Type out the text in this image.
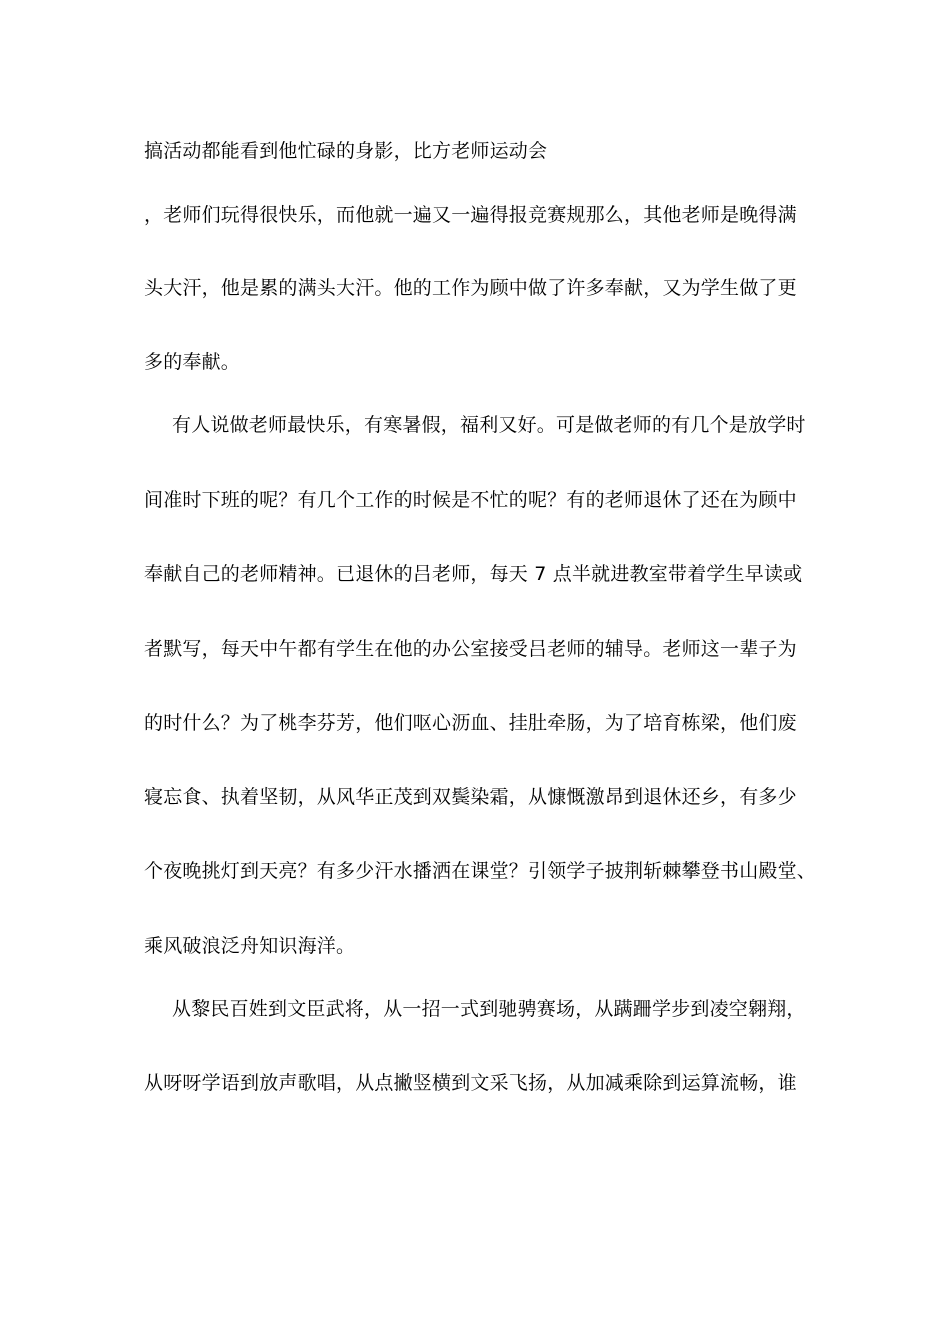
搞活动都能看到他忙碌的身影，比方老师运动会
，老师们玩得很快乐，而他就一遍又一遍得报竞赛规那么，其他老师是晚得满
头大汗，他是累的满头大汗。他的工作为顾中做了许多奉献，又为学生做了更
多的奉献。
有人说做老师最快乐，有寒暑假，福利又好。可是做老师的有几个是放学时
间准时下班的呢？有几个工作的时候是不忙的呢？有的老师退休了还在为顾中
奉献自己的老师精神。已退休的吕老师，每天 7 点半就进教室带着学生早读或
者默写，每天中午都有学生在他的办公室接受吕老师的辅导。老师这一辈子为
的时什么？为了桃李芬芳，他们呕心沥血、挂肚牵肠，为了培育栋梁，他们废
寝忘食、执着坚韧，从风华正茂到双鬓染霜，从慷慨激昂到退休还乡，有多少
个夜晚挑灯到天亮？有多少汗水播洒在课堂？引领学子披荆斩棘攀登书山殿堂、
乘风破浪泛舟知识海洋。
从黎民百姓到文臣武将，从一招一式到驰骋赛场，从蹒跚学步到凌空翱翔，
从呀呀学语到放声歌唱，从点撇竖横到文采飞扬，从加减乘除到运算流畅，谁
